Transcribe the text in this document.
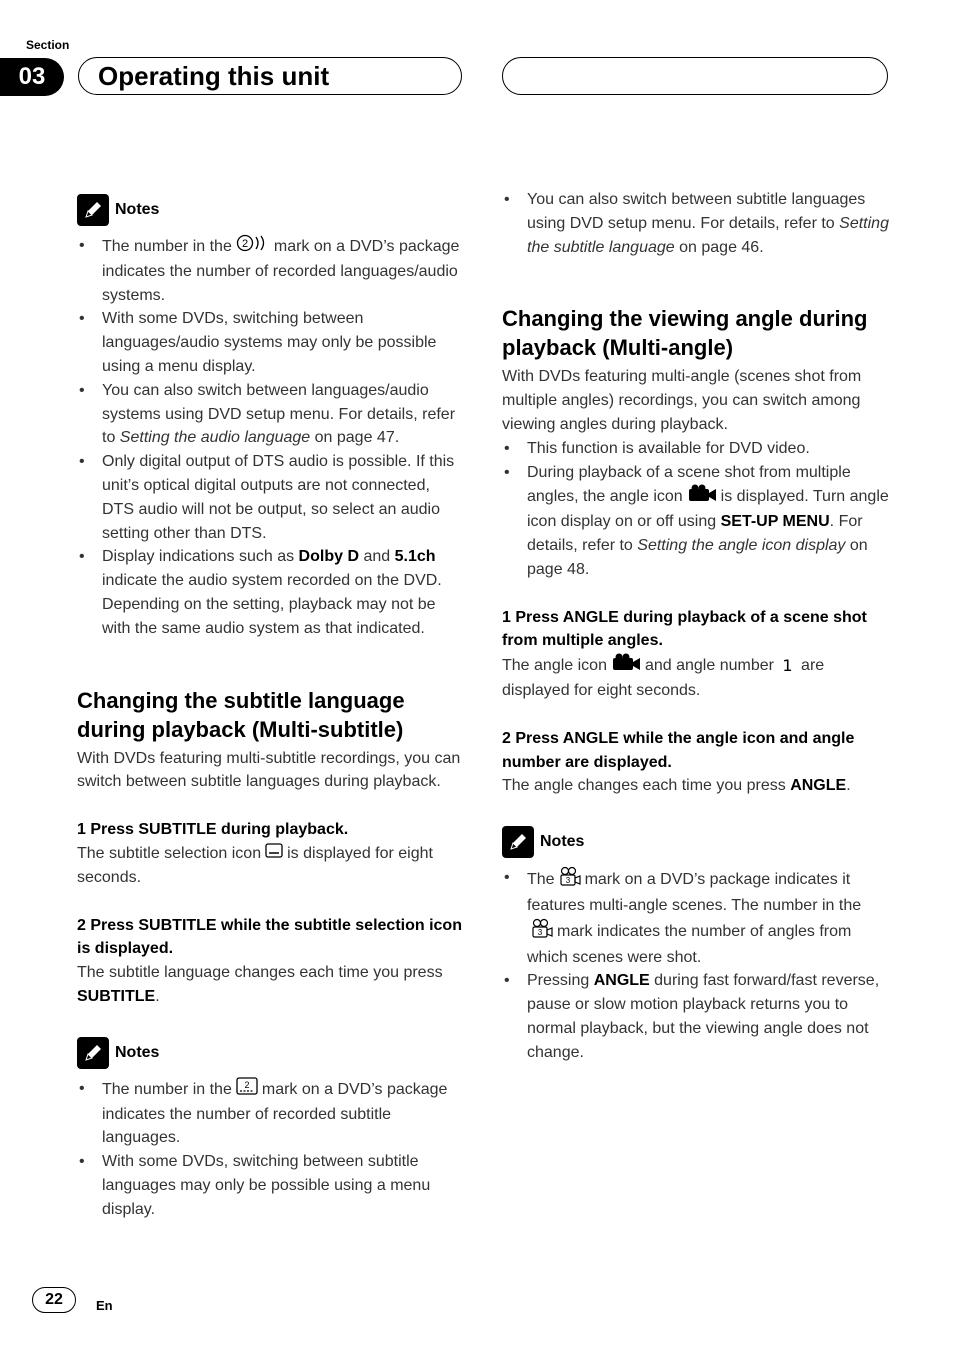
Section
03	Operating this unit
Notes
• The number in the 2 mark on a DVD’s package indicates the number of recorded languages/audio systems.
• With some DVDs, switching between languages/audio systems may only be possible using a menu display.
• You can also switch between languages/audio systems using DVD setup menu. For details, refer to Setting the audio language on page 47.
• Only digital output of DTS audio is possible. If this unit’s optical digital outputs are not connected, DTS audio will not be output, so select an audio setting other than DTS.
• Display indications such as Dolby D and 5.1ch indicate the audio system recorded on the DVD. Depending on the setting, playback may not be with the same audio system as that indicated.
Changing the subtitle language during playback (Multi-subtitle)

With DVDs featuring multi-subtitle recordings, you can switch between subtitle languages during playback.

1 Press SUBTITLE during playback.

The subtitle selection icon is displayed for eight seconds.

2 Press SUBTITLE while the subtitle selection icon is displayed.

The subtitle language changes each time you press SUBTITLE.

Notes
• The number in the 2 mark on a DVD’s package indicates the number of recorded subtitle languages.
• With some DVDs, switching between subtitle languages may only be possible using a menu display.
• You can also switch between subtitle languages using DVD setup menu. For details, refer to Setting the subtitle language on page 46.
Changing the viewing angle during playback (Multi-angle)

With DVDs featuring multi-angle (scenes shot from multiple angles) recordings, you can switch among viewing angles during playback.

• This function is available for DVD video.
• During playback of a scene shot from multiple angles, the angle icon is displayed. Turn angle icon display on or off using SET-UP MENU. For details, refer to Setting the angle icon display on page 48.

1 Press ANGLE during playback of a scene shot from multiple angles.

The angle icon and angle number 1 are displayed for eight seconds.

2 Press ANGLE while the angle icon and angle number are displayed.

The angle changes each time you press ANGLE.

Notes
• The 3 mark on a DVD’s package indicates it features multi-angle scenes. The number in the
3 mark indicates the number of angles from which scenes were shot.
• Pressing ANGLE during fast forward/fast reverse, pause or slow motion playback returns you to normal playback, but the viewing angle does not change.
22	En
